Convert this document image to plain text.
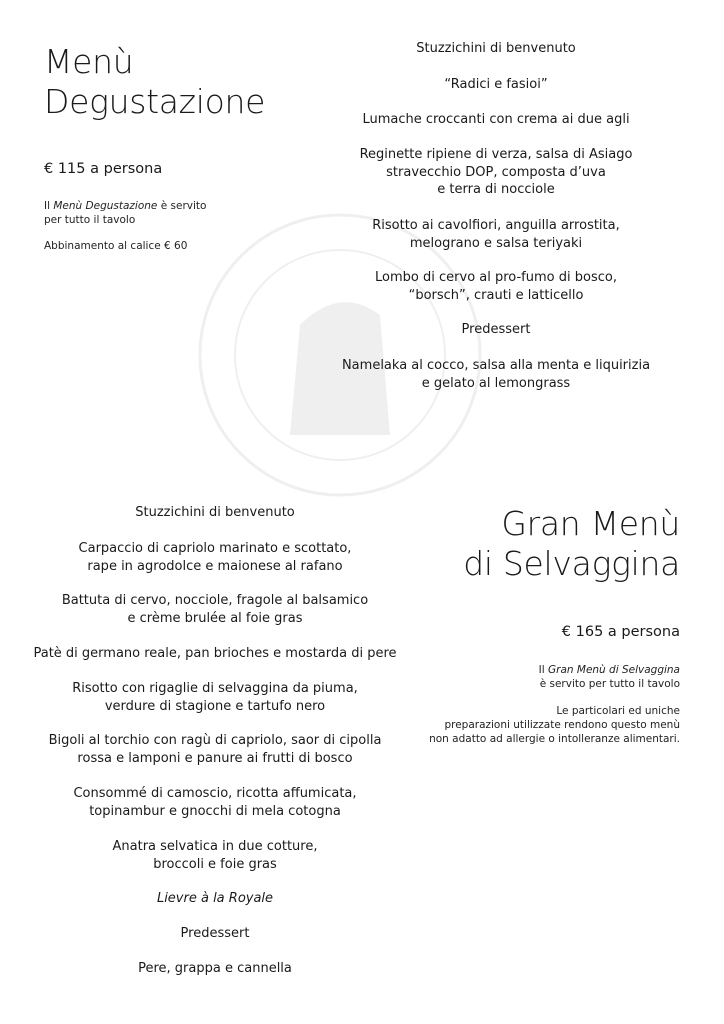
Menù
Degustazione
€ 115 a persona
Il Menù Degustazione è servito
per tutto il tavolo
Abbinamento al calice € 60
Stuzzichini di benvenuto
“Radici e fasioi”
Lumache croccanti con crema ai due agli
Reginette ripiene di verza, salsa di Asiago
stravecchio DOP, composta d’uva
e terra di nocciole
Risotto ai cavolfiori, anguilla arrostita,
melograno e salsa teriyaki
Lombo di cervo al pro-fumo di bosco,
“borsch”, crauti e latticello
Predessert
Namelaka al cocco, salsa alla menta e liquirizia
e gelato al lemongrass
Gran Menù
di Selvaggina
€ 165 a persona
Il Gran Menù di Selvaggina
è servito per tutto il tavolo
Le particolari ed uniche
preparazioni utilizzate rendono questo menù
non adatto ad allergie o intolleranze alimentari.
Stuzzichini di benvenuto
Carpaccio di capriolo marinato e scottato,
rape in agrodolce e maionese al rafano
Battuta di cervo, nocciole, fragole al balsamico
e crème brulée al foie gras
Patè di germano reale, pan brioches e mostarda di pere
Risotto con rigaglie di selvaggina da piuma,
verdure di stagione e tartufo nero
Bigoli al torchio con ragù di capriolo, saor di cipolla
rossa e lamponi e panure ai frutti di bosco
Consommé di camoscio, ricotta affumicata,
topinambur e gnocchi di mela cotogna
Anatra selvatica in due cotture,
broccoli e foie gras
Lievre à la Royale
Predessert
Pere, grappa e cannella
